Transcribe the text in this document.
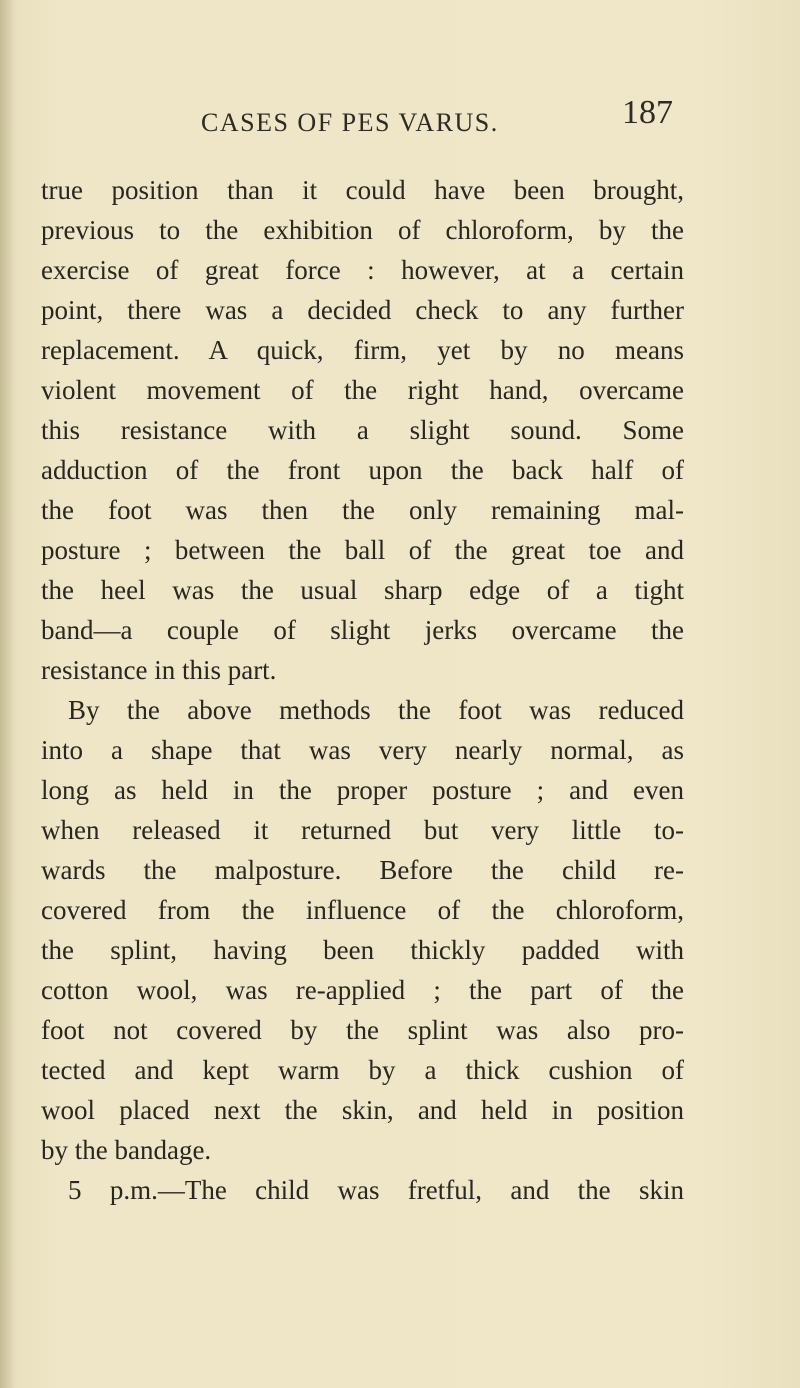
CASES OF PES VARUS.	187
true position than it could have been brought,
previous to the exhibition of chloroform, by the
exercise of great force : however, at a certain
point, there was a decided check to any further
replacement. A quick, firm, yet by no means
violent movement of the right hand, overcame
this resistance with a slight sound. Some
adduction of the front upon the back half of
the foot was then the only remaining mal-
posture ; between the ball of the great toe and
the heel was the usual sharp edge of a tight
band—a couple of slight jerks overcame the
resistance in this part.
By the above methods the foot was reduced
into a shape that was very nearly normal, as
long as held in the proper posture ; and even
when released it returned but very little to-
wards the malposture. Before the child re-
covered from the influence of the chloroform,
the splint, having been thickly padded with
cotton wool, was re-applied ; the part of the
foot not covered by the splint was also pro-
tected and kept warm by a thick cushion of
wool placed next the skin, and held in position
by the bandage.
5 p.m.—The child was fretful, and the skin
